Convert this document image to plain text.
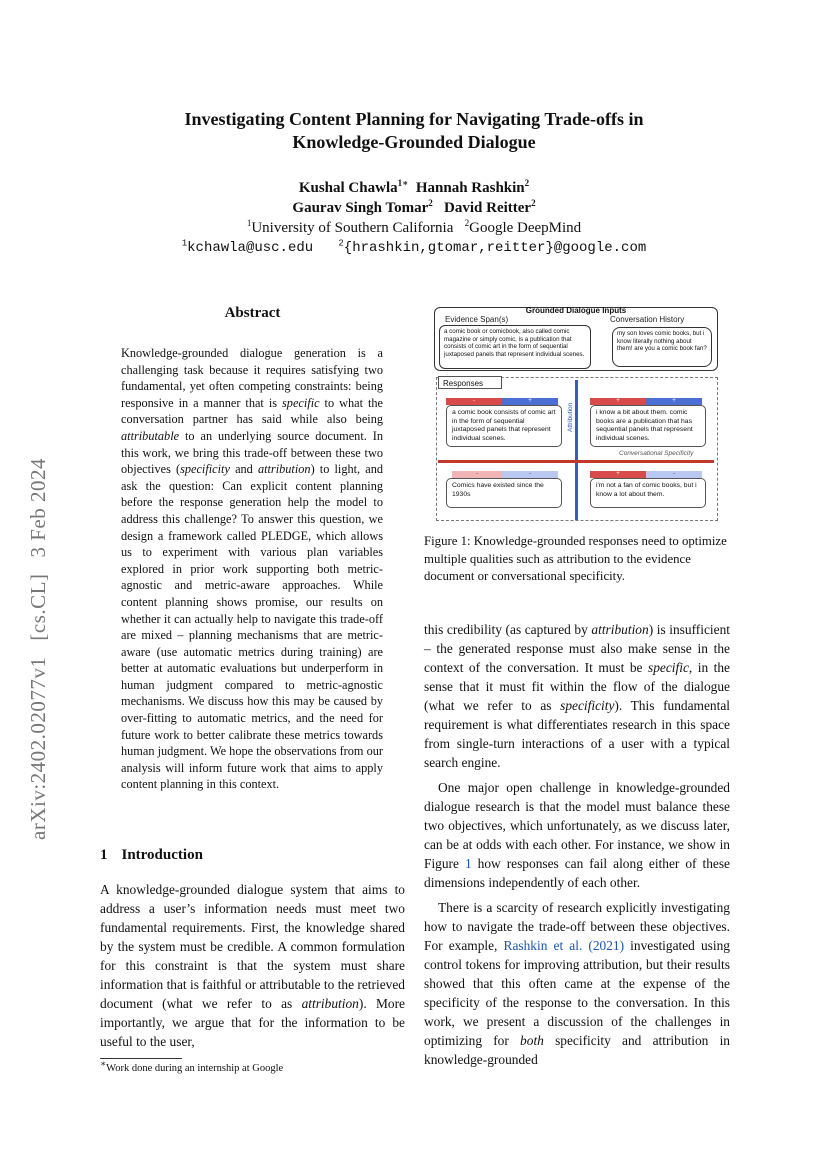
arXiv:2402.02077v1
[cs.CL]
3 Feb 2024
Investigating Content Planning for Navigating Trade-offs in
Knowledge-Grounded Dialogue
Kushal Chawla$^{1∗}$ Hannah Rashkin$^2$
Gaurav Singh Tomar$^2$ David Reitter$^2$
$^1$University of Southern California $^2$Google DeepMind
$^1$kchawla@usc.edu	$^2${hrashkin,gtomar,reitter}@google.com
Abstract
Knowledge-grounded dialogue generation is a challenging task because it requires satisfying two fundamental, yet often competing constraints: being responsive in a manner that is specific to what the conversation partner has said while also being attributable to an underlying source document. In this work, we bring this trade-off between these two objectives (specificity and attribution) to light, and ask the question: Can explicit content planning before the response generation help the model to address this challenge? To answer this question, we design a framework called PLEDGE, which allows us to experiment with various plan variables explored in prior work supporting both metric-agnostic and metric-aware approaches. While content planning shows promise, our results on whether it can actually help to navigate this trade-off are mixed – planning mechanisms that are metric-aware (use automatic metrics during training) are better at automatic evaluations but underperform in human judgment compared to metric-agnostic mechanisms. We discuss how this may be caused by over-fitting to automatic metrics, and the need for future work to better calibrate these metrics towards human judgment. We hope the observations from our analysis will inform future work that aims to apply content planning in this context.
1 Introduction
A knowledge-grounded dialogue system that aims to address a user’s information needs must meet two fundamental requirements. First, the knowledge shared by the system must be credible. A common formulation for this constraint is that the system must share information that is faithful or attributable to the retrieved document (what we refer to as attribution). More importantly, we argue that for the information to be useful to the user,
∗Work done during an internship at Google
Grounded Dialogue Inputs
Evidence Span(s)	Conversation History
a comic book or comicbook, also called comic magazine or simply comic, is a publication that consists of comic art in the form of sequential juxtaposed panels that represent individual scenes.
my son loves comic books, but i know literally nothing about them! are you a comic book fan?
Responses
Attribution
Conversational Specificity
-	+
a comic book consists of comic art in the form of sequential juxtaposed panels that represent individual scenes.
+	+
i know a bit about them. comic books are a publication that has sequential panels that represent individual scenes.
-	-
Comics have existed since the 1930s
+	-
i'm not a fan of comic books, but i know a lot about them.
Figure 1: Knowledge-grounded responses need to optimize multiple qualities such as attribution to the evidence document or conversational specificity.

this credibility (as captured by attribution) is insufficient – the generated response must also make sense in the context of the conversation. It must be specific, in the sense that it must fit within the flow of the dialogue (what we refer to as specificity). This fundamental requirement is what differentiates research in this space from single-turn interactions of a user with a typical search engine.

One major open challenge in knowledge-grounded dialogue research is that the model must balance these two objectives, which unfortunately, as we discuss later, can be at odds with each other. For instance, we show in Figure 1 how responses can fail along either of these dimensions independently of each other.

There is a scarcity of research explicitly investigating how to navigate the trade-off between these objectives. For example, Rashkin et al. (2021) investigated using control tokens for improving attribution, but their results showed that this often came at the expense of the specificity of the response to the conversation. In this work, we present a discussion of the challenges in optimizing for both specificity and attribution in knowledge-grounded
